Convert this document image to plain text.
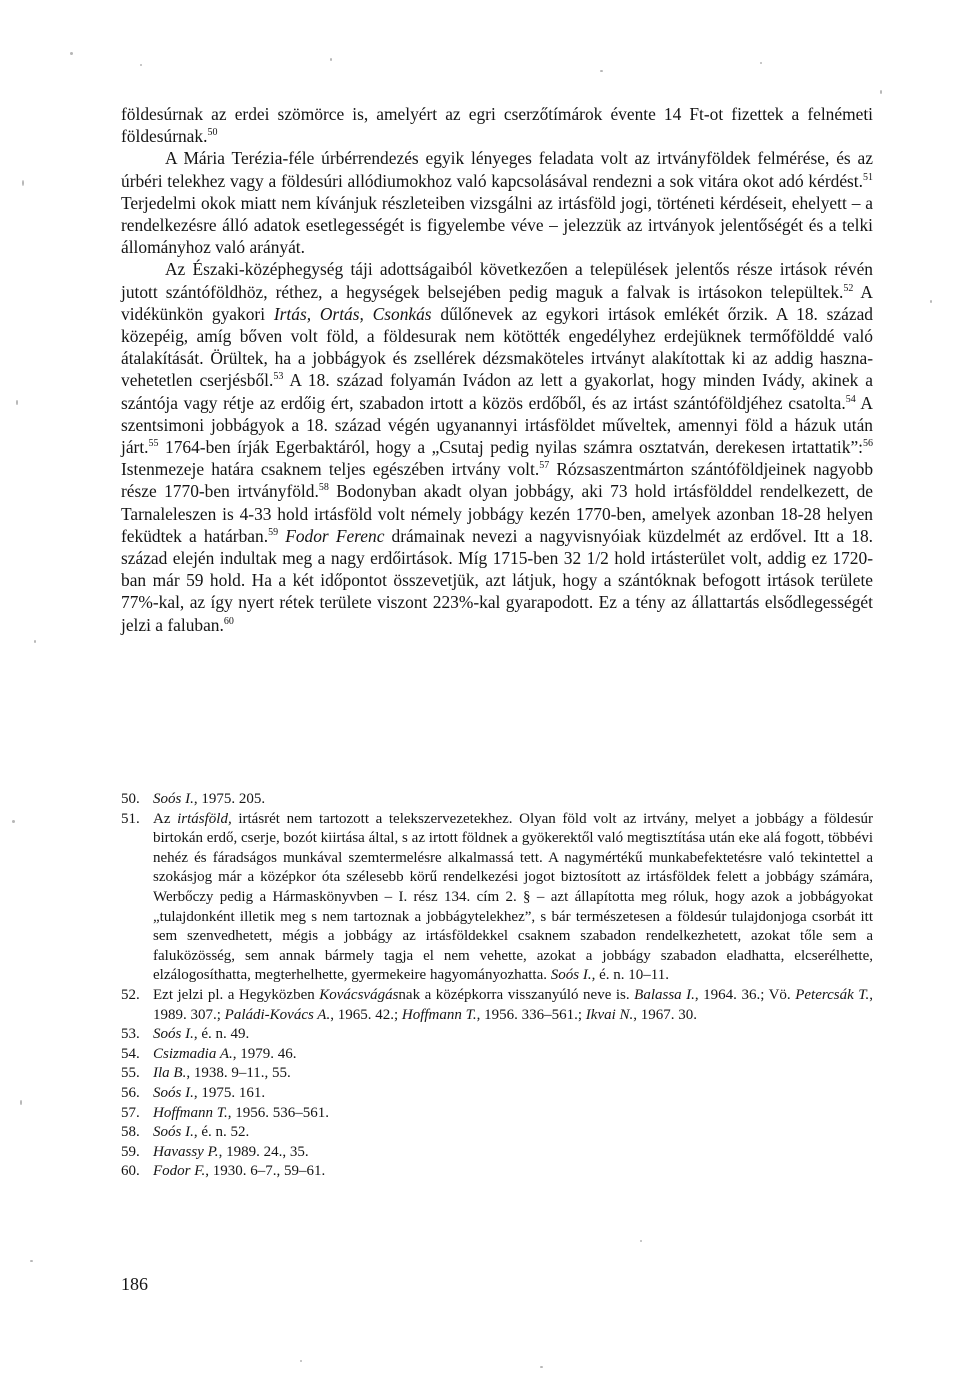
földesúrnak az erdei szömörce is, amelyért az egri cserzőtímárok évente 14 Ft-ot fizettek a felnémeti földesúrnak.$^{50}$

A Mária Terézia-féle úrbérrendezés egyik lényeges feladata volt az irtványföldek felmérése, és az úrbéri telekhez vagy a földesúri allódiumokhoz való kapcsolásával rendezni a sok vitára okot adó kérdést.$^{51}$ Terjedelmi okok miatt nem kívánjuk részleteiben vizsgálni az irtásföld jogi, történeti kérdéseit, ehelyett – a rendelkezésre álló adatok esetlegességét is figyelembe véve – jelezzük az irtványok jelentőségét és a telki állományhoz való arányát.

Az Északi-középhegység táji adottságaiból következően a települések jelentős része irtások révén jutott szántóföldhöz, réthez, a hegységek belsejében pedig maguk a falvak is irtásokon települtek.$^{52}$ A vidékünkön gyakori Irtás, Ortás, Csonkás dűlőnevek az egykori irtások emlékét őrzik. A 18. század közepéig, amíg bőven volt föld, a földesurak nem kötötték engedélyhez erdejüknek termőfölddé való átalakítását. Örültek, ha a jobbágyok és zsellérek dézsmaköteles irtványt alakítottak ki az addig hasznavehetetlen cserjésből.$^{53}$ A 18. század folyamán Ivádon az lett a gyakorlat, hogy minden Ivády, akinek a szántója vagy rétje az erdőig ért, szabadon irtott a közös erdőből, és az irtást szántóföldjéhez csatolta.$^{54}$ A szentsimoni jobbágyok a 18. század végén ugyanannyi irtásföldet műveltek, amennyi föld a házuk után járt.$^{55}$ 1764-ben írják Egerbaktáról, hogy a „Csutaj pedig nyilas számra osztatván, derekesen irtattatik”:$^{56}$ Istenmezeje határa csaknem teljes egészében irtvány volt.$^{57}$ Rózsaszentmárton szántóföldjeinek nagyobb része 1770-ben irtványföld.$^{58}$ Bodonyban akadt olyan jobbágy, aki 73 hold irtásfölddel rendelkezett, de Tarnaleleszen is 4-33 hold irtásföld volt némely jobbágy kezén 1770-ben, amelyek azonban 18-28 helyen feküdtek a határban.$^{59}$ Fodor Ferenc drámainak nevezi a nagyvisnyóiak küzdelmét az erdővel. Itt a 18. század elején indultak meg a nagy erdőirtások. Míg 1715-ben 32 1/2 hold irtásterület volt, addig ez 1720-ban már 59 hold. Ha a két időpontot összevetjük, azt látjuk, hogy a szántóknak befogott irtások területe 77%-kal, az így nyert rétek területe viszont 223%-kal gyarapodott. Ez a tény az állattartás elsődlegességét jelzi a faluban.$^{60}$

50. Soós I., 1975. 205.
51. Az irtásföld, irtásrét nem tartozott a telekszervezetekhez. Olyan föld volt az irtvány, melyet a jobbágy a földesúr birtokán erdő, cserje, bozót kiirtása által, s az irtott földnek a gyökerektől való megtisztítása után eke alá fogott, többévi nehéz és fáradságos munkával szemtermelésre alkalmassá tett. A nagymértékű munkabefektetésre való tekintettel a szokásjog már a középkor óta szélesebb körű rendelkezési jogot biztosított az irtásföldek felett a jobbágy számára, Werbőczy pedig a Hármaskönyvben – I. rész 134. cím 2. § – azt állapította meg róluk, hogy azok a jobbágyokat „tulajdonként illetik meg s nem tartoznak a jobbágytelekhez”, s bár természetesen a földesúr tulajdonjoga csorbát itt sem szenvedhetett, mégis a jobbágy az irtásföldekkel csaknem szabadon rendelkezhetett, azokat tőle sem a faluközösség, sem annak bármely tagja el nem vehette, azokat a jobbágy szabadon eladhatta, elcserélhette, elzálogosíthatta, megterhelhette, gyermekeire hagyományozhatta. Soós I., é. n. 10–11.
52. Ezt jelzi pl. a Hegyközben Kovácsvágásnak a középkorra visszanyúló neve is. Balassa I., 1964. 36.; Vö. Petercsák T., 1989. 307.; Paládi-Kovács A., 1965. 42.; Hoffmann T., 1956. 336–561.; Ikvai N., 1967. 30.
53. Soós I., é. n. 49.
54. Csizmadia A., 1979. 46.
55. Ila B., 1938. 9–11., 55.
56. Soós I., 1975. 161.
57. Hoffmann T., 1956. 536–561.
58. Soós I., é. n. 52.
59. Havassy P., 1989. 24., 35.
60. Fodor F., 1930. 6–7., 59–61.
186
